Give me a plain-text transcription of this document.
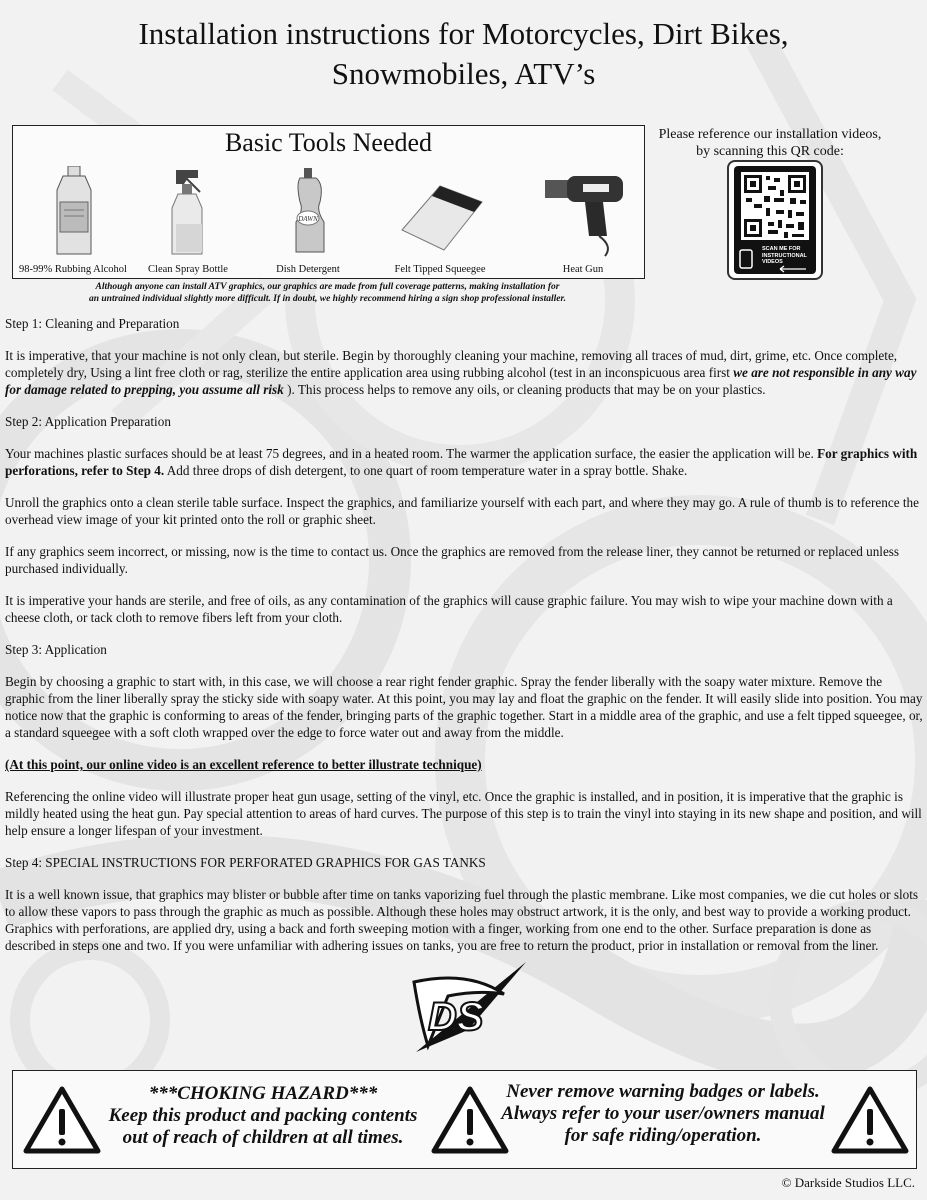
Installation instructions for Motorcycles, Dirt Bikes,
Snowmobiles, ATV’s
Basic Tools Needed
98-99% Rubbing Alcohol	Clean Spray Bottle
DAWN
Dish Detergent	Felt Tipped Squeegee	Heat Gun
Although anyone can install ATV graphics, our graphics are made from full coverage patterns, making installation for
an untrained individual slightly more difficult. If in doubt, we highly recommend hiring a sign shop professional installer.
Please reference our installation videos,
by scanning this QR code:
SCAN ME FOR
INSTRUCTIONAL
VIDEOS

Step 1: Cleaning and Preparation

It is imperative, that your machine is not only clean, but sterile. Begin by thoroughly cleaning your machine, removing all traces of mud, dirt, grime, etc. Once complete, completely dry, Using a lint free cloth or rag, sterilize the entire application area using rubbing alcohol (test in an inconspicuous area first we are not responsible in any way for damage related to prepping, you assume all risk ). This process helps to remove any oils, or cleaning products that may be on your plastics.

Step 2: Application Preparation

Your machines plastic surfaces should be at least 75 degrees, and in a heated room. The warmer the application surface, the easier the application will be. For graphics with perforations, refer to Step 4. Add three drops of dish detergent, to one quart of room temperature water in a spray bottle. Shake.

Unroll the graphics onto a clean sterile table surface. Inspect the graphics, and familiarize yourself with each part, and where they may go. A rule of thumb is to reference the overhead view image of your kit printed onto the roll or graphic sheet.

If any graphics seem incorrect, or missing, now is the time to contact us. Once the graphics are removed from the release liner, they cannot be returned or replaced unless purchased individually.

It is imperative your hands are sterile, and free of oils, as any contamination of the graphics will cause graphic failure. You may wish to wipe your machine down with a cheese cloth, or tack cloth to remove fibers left from your cloth.

Step 3: Application

Begin by choosing a graphic to start with, in this case, we will choose a rear right fender graphic. Spray the fender liberally with the soapy water mixture. Remove the graphic from the liner liberally spray the sticky side with soapy water. At this point, you may lay and float the graphic on the fender. It will easily slide into position. You may notice now that the graphic is conforming to areas of the fender, bringing parts of the graphic together. Start in a middle area of the graphic, and use a felt tipped squeegee, or, a standard squeegee with a soft cloth wrapped over the edge to force water out and away from the middle.

(At this point, our online video is an excellent reference to better illustrate technique)

Referencing the online video will illustrate proper heat gun usage, setting of the vinyl, etc. Once the graphic is installed, and in position, it is imperative that the graphic is mildly heated using the heat gun. Pay special attention to areas of hard curves. The purpose of this step is to train the vinyl into staying in its new shape and position, and will help ensure a longer lifespan of your investment.

Step 4: SPECIAL INSTRUCTIONS FOR PERFORATED GRAPHICS FOR GAS TANKS

It is a well known issue, that graphics may blister or bubble after time on tanks vaporizing fuel through the plastic membrane. Like most companies, we die cut holes or slots to allow these vapors to pass through the graphic as much as possible. Although these holes may obstruct artwork, it is the only, and best way to provide a working product. Graphics with perforations, are applied dry, using a back and forth sweeping motion with a finger, working from one end to the other. Surface preparation is done as described in steps one and two. If you were unfamiliar with adhering issues on tanks, you are free to return the product, prior in installation or removal from the liner.

DS
***CHOKING HAZARD***
Keep this product and packing contents
out of reach of children at all times.
Never remove warning badges or labels.
Always refer to your user/owners manual
for safe riding/operation.
© Darkside Studios LLC.
